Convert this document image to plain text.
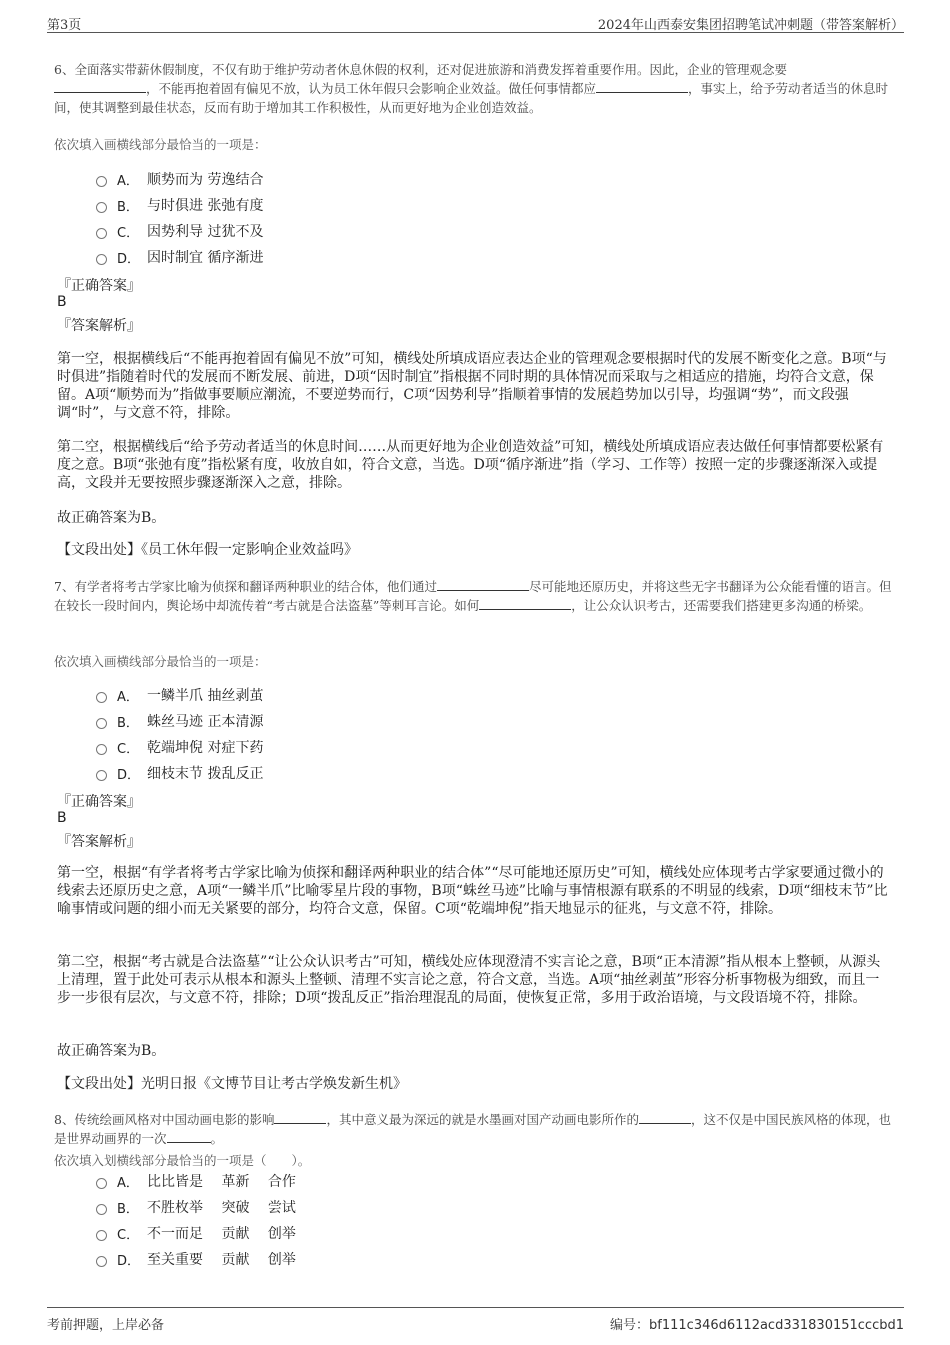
第3页	2024年山西泰安集团招聘笔试冲刺题（带答案解析）
6、全面落实带薪休假制度，不仅有助于维护劳动者休息休假的权利，还对促进旅游和消费发挥着重要作用。因此，企业的管理观念要
，不能再抱着固有偏见不放，认为员工休年假只会影响企业效益。做任何事情都应	，事实上，给予劳动者适当的休息时间，使其调整到最佳状态，反而有助于增加其工作积极性，从而更好地为企业创造效益。
依次填入画横线部分最恰当的一项是：
A． 顺势而为 劳逸结合
B． 与时俱进 张弛有度
C． 因势利导 过犹不及
D． 因时制宜 循序渐进
『正确答案』
B
『答案解析』
第一空，根据横线后“不能再抱着固有偏见不放”可知，横线处所填成语应表达企业的管理观念要根据时代的发展不断变化之意。B项“与时俱进”指随着时代的发展而不断发展、前进，D项“因时制宜”指根据不同时期的具体情况而采取与之相适应的措施，均符合文意，保留。A项“顺势而为”指做事要顺应潮流，不要逆势而行，C项“因势利导”指顺着事情的发展趋势加以引导，均强调“势”，而文段强调“时”，与文意不符，排除。
第二空，根据横线后“给予劳动者适当的休息时间……从而更好地为企业创造效益”可知，横线处所填成语应表达做任何事情都要松紧有度之意。B项“张弛有度”指松紧有度，收放自如，符合文意，当选。D项“循序渐进”指（学习、工作等）按照一定的步骤逐渐深入或提高，文段并无要按照步骤逐渐深入之意，排除。
故正确答案为B。
【文段出处】《员工休年假一定影响企业效益吗》
7、有学者将考古学家比喻为侦探和翻译两种职业的结合体，他们通过	尽可能地还原历史，并将这些无字书翻译为公众能看懂的语言。但在较长一段时间内，舆论场中却流传着“考古就是合法盗墓”等刺耳言论。如何	，让公众认识考古，还需要我们搭建更多沟通的桥梁。
依次填入画横线部分最恰当的一项是：
A． 一鳞半爪 抽丝剥茧
B． 蛛丝马迹 正本清源
C． 乾端坤倪 对症下药
D． 细枝末节 拨乱反正
『正确答案』
B
『答案解析』
第一空，根据“有学者将考古学家比喻为侦探和翻译两种职业的结合体”“尽可能地还原历史”可知，横线处应体现考古学家要通过微小的线索去还原历史之意，A项“一鳞半爪”比喻零星片段的事物，B项“蛛丝马迹”比喻与事情根源有联系的不明显的线索，D项“细枝末节”比喻事情或问题的细小而无关紧要的部分，均符合文意，保留。C项“乾端坤倪”指天地显示的征兆，与文意不符，排除。
第二空，根据“考古就是合法盗墓”“让公众认识考古”可知，横线处应体现澄清不实言论之意，B项“正本清源”指从根本上整顿，从源头上清理，置于此处可表示从根本和源头上整顿、清理不实言论之意，符合文意，当选。A项“抽丝剥茧”形容分析事物极为细致，而且一步一步很有层次，与文意不符，排除；D项“拨乱反正”指治理混乱的局面，使恢复正常，多用于政治语境，与文段语境不符，排除。
故正确答案为B。
【文段出处】光明日报《文博节目让考古学焕发新生机》
8、传统绘画风格对中国动画电影的影响	，其中意义最为深远的就是水墨画对国产动画电影所作的	，这不仅是中国民族风格的体现，也是世界动画界的一次	。
依次填入划横线部分最恰当的一项是（　　）。
A． 比比皆是　 革新　 合作
B． 不胜枚举　 突破　 尝试
C． 不一而足　 贡献　 创举
D． 至关重要　 贡献　 创举
考前押题，上岸必备	编号：bf111c346d6112acd331830151cccbd1
